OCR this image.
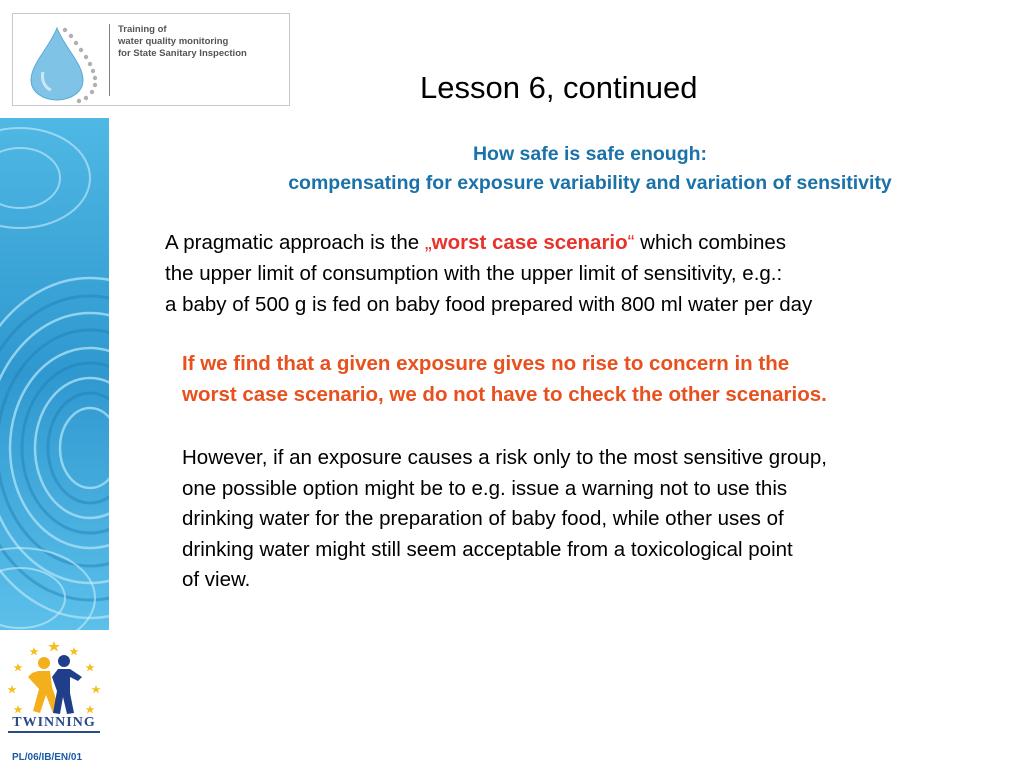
Training of
water quality monitoring
for State Sanitary Inspection
TWINNING
PL/06/IB/EN/01
Lesson 6, continued
How safe is safe enough:
compensating for exposure variability and variation of sensitivity
A pragmatic approach is the „worst case scenario“ which combines
the upper limit of consumption with the upper limit of sensitivity, e.g.:
a baby of 500 g is fed on baby food prepared with 800 ml water per day
If we find that a given exposure gives no rise to concern in the
worst case scenario, we do not have to check the other scenarios.
However, if an exposure causes a risk only to the most sensitive group,
one possible option might be to e.g. issue a warning not to use this
drinking water for the preparation of baby food, while other uses of
drinking water might still seem acceptable from a toxicological point
of view.
